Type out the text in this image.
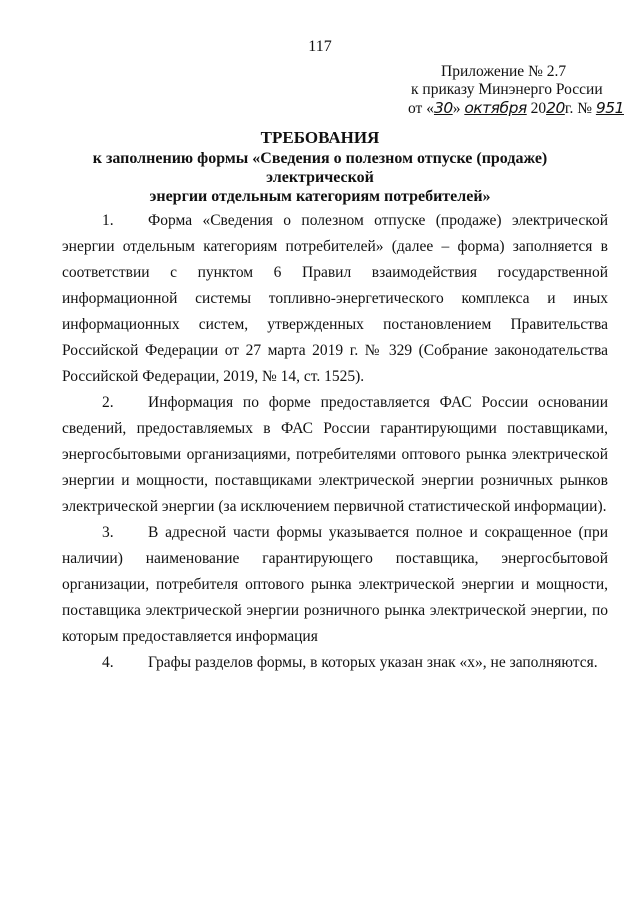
117
Приложение № 2.7
к приказу Минэнерго России
от «30» октября 2020г. № 951
ТРЕБОВАНИЯ
к заполнению формы «Сведения о полезном отпуске (продаже) электрической
энергии отдельным категориям потребителей»

1. Форма «Сведения о полезном отпуске (продаже) электрической энергии отдельным категориям потребителей» (далее – форма) заполняется в соответствии с пунктом 6 Правил взаимодействия государственной информационной системы топливно-энергетического комплекса и иных информационных систем, утвержденных постановлением Правительства Российской Федерации от 27 марта 2019 г. № 329 (Собрание законодательства Российской Федерации, 2019, № 14, ст. 1525).

2. Информация по форме предоставляется ФАС России основании сведений, предоставляемых в ФАС России гарантирующими поставщиками, энергосбытовыми организациями, потребителями оптового рынка электрической энергии и мощности, поставщиками электрической энергии розничных рынков электрической энергии (за исключением первичной статистической информации).

3. В адресной части формы указывается полное и сокращенное (при наличии) наименование гарантирующего поставщика, энергосбытовой организации, потребителя оптового рынка электрической энергии и мощности, поставщика электрической энергии розничного рынка электрической энергии, по которым предоставляется информация

4. Графы разделов формы, в которых указан знак «х», не заполняются.
